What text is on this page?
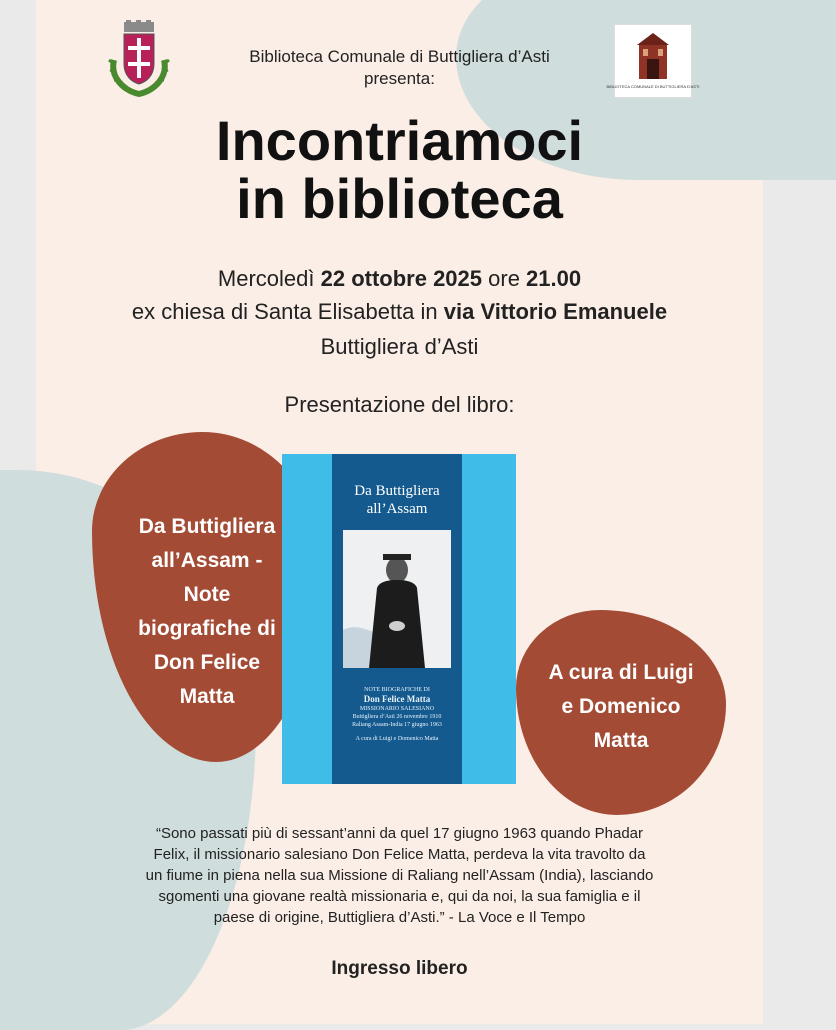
BIBLIOTECA COMUNALE DI BUTTIGLIERA D'ASTI
Biblioteca Comunale di Buttigliera d’Asti
presenta:
Incontriamoci
in biblioteca
Mercoledì 22 ottobre 2025 ore 21.00
ex chiesa di Santa Elisabetta in via Vittorio Emanuele
Buttigliera d’Asti
Presentazione del libro:
Da Buttigliera
all’Assam -
Note
biografiche di
Don Felice
Matta
Da Buttigliera
all’Assam
NOTE BIOGRAFICHE DI
Don Felice Matta
MISSIONARIO SALESIANO
Buttigliera d’Asti 26 novembre 1910
Raliang Assam-India 17 giugno 1963
A cura di Luigi e Domenico Matta
A cura di Luigi
e Domenico
Matta
“Sono passati più di sessant’anni da quel 17 giugno 1963 quando Phadar
Felix, il missionario salesiano Don Felice Matta, perdeva la vita travolto da
un fiume in piena nella sua Missione di Raliang nell’Assam (India), lasciando
sgomenti una giovane realtà missionaria e, qui da noi, la sua famiglia e il
paese di origine, Buttigliera d’Asti.” - La Voce e Il Tempo
Ingresso libero
